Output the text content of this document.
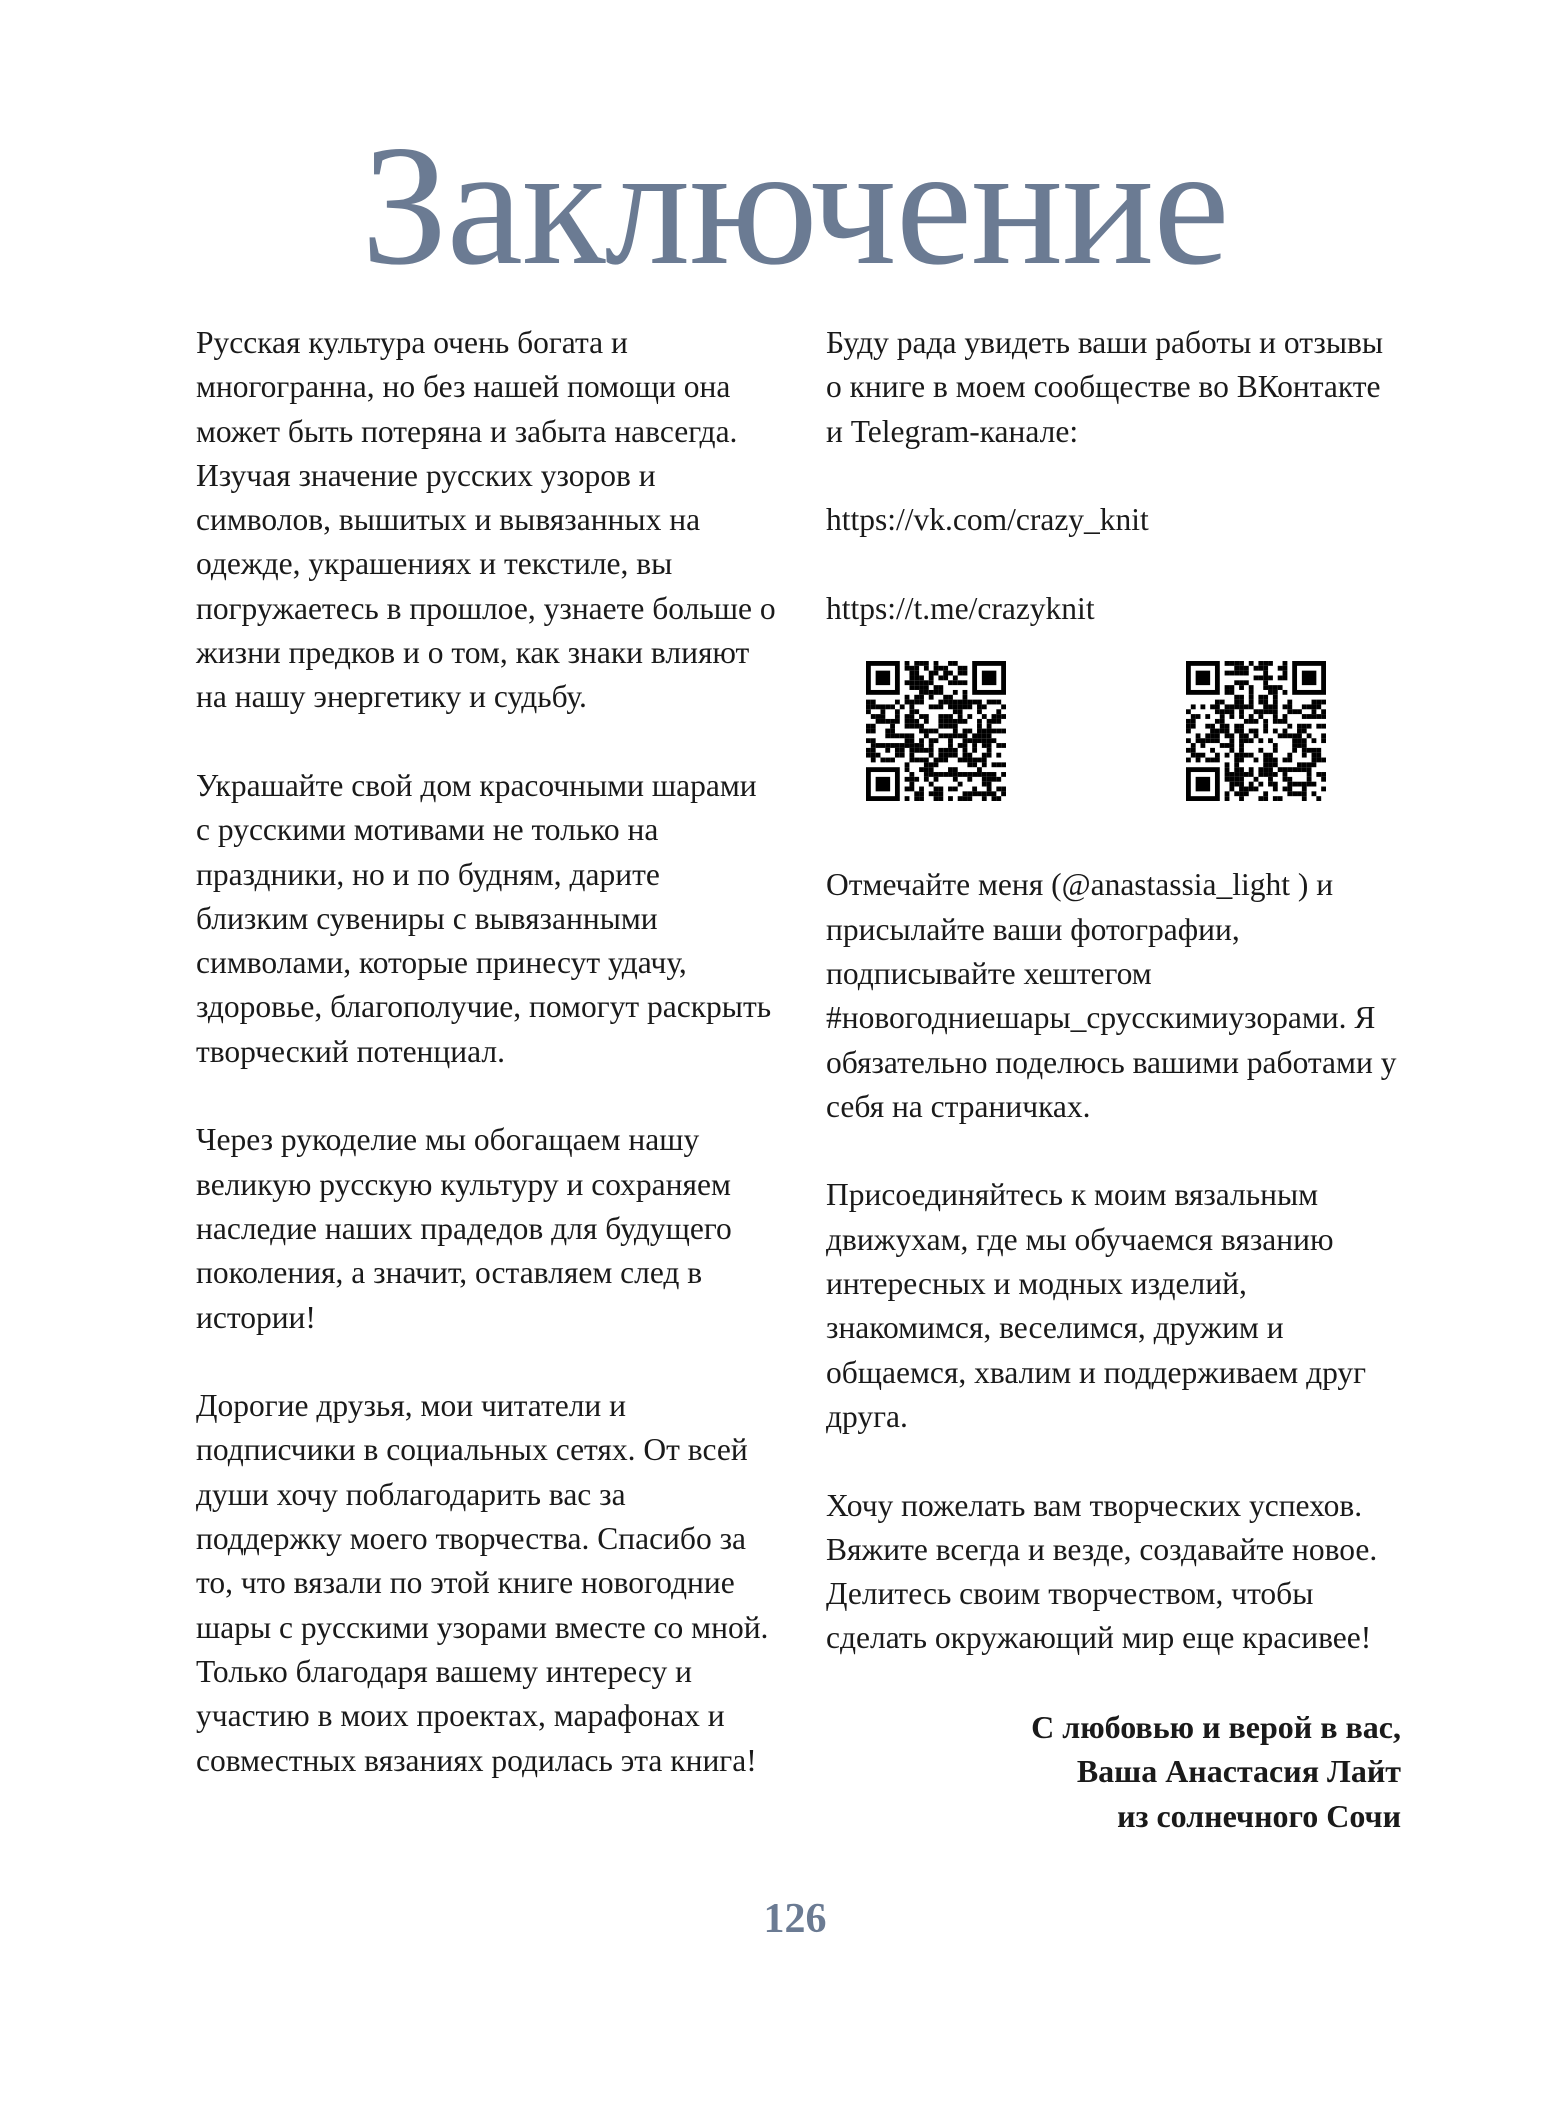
Заключение

Русская культура очень богата и многогранна, но без нашей помощи она может быть потеряна и забыта навсегда. Изучая значение русских узоров и символов, вышитых и вывязанных на одежде, украшениях и текстиле, вы погружаетесь в прошлое, узнаете больше о жизни предков и о том, как знаки влияют на нашу энергетику и судьбу.

Украшайте свой дом красочными шарами с русскими мотивами не только на праздники, но и по будням, дарите близким сувениры с вывязанными символами, которые принесут удачу, здоровье, благополучие, помогут раскрыть творческий потенциал.

Через рукоделие мы обогащаем нашу великую русскую культуру и сохраняем наследие наших прадедов для будущего поколения, а значит, оставляем след в истории!

Дорогие друзья, мои читатели и подписчики в социальных сетях. От всей души хочу поблагодарить вас за поддержку моего творчества. Спасибо за то, что вязали по этой книге новогодние шары с русскими узорами вместе со мной. Только благодаря вашему интересу и участию в моих проектах, марафонах и совместных вязаниях родилась эта книга!

Буду рада увидеть ваши работы и отзывы о книге в моем сообществе во ВКонтакте и Telegram-канале:

https://vk.com/crazy_knit

https://t.me/crazyknit

Отмечайте меня (@anastassia_light ) и присылайте ваши фотографии, подписывайте хештегом #новогодниешары_срусскимиузорами. Я обязательно поделюсь вашими работами у себя на страничках.

Присоединяйтесь к моим вязальным движухам, где мы обучаемся вязанию интересных и модных изделий, знакомимся, веселимся, дружим и общаемся, хвалим и поддерживаем друг друга.

Хочу пожелать вам творческих успехов. Вяжите всегда и везде, создавайте новое. Делитесь своим творчеством, чтобы сделать окружающий мир еще красивее!

С любовью и верой в вас,
Ваша Анастасия Лайт
из солнечного Сочи
126
